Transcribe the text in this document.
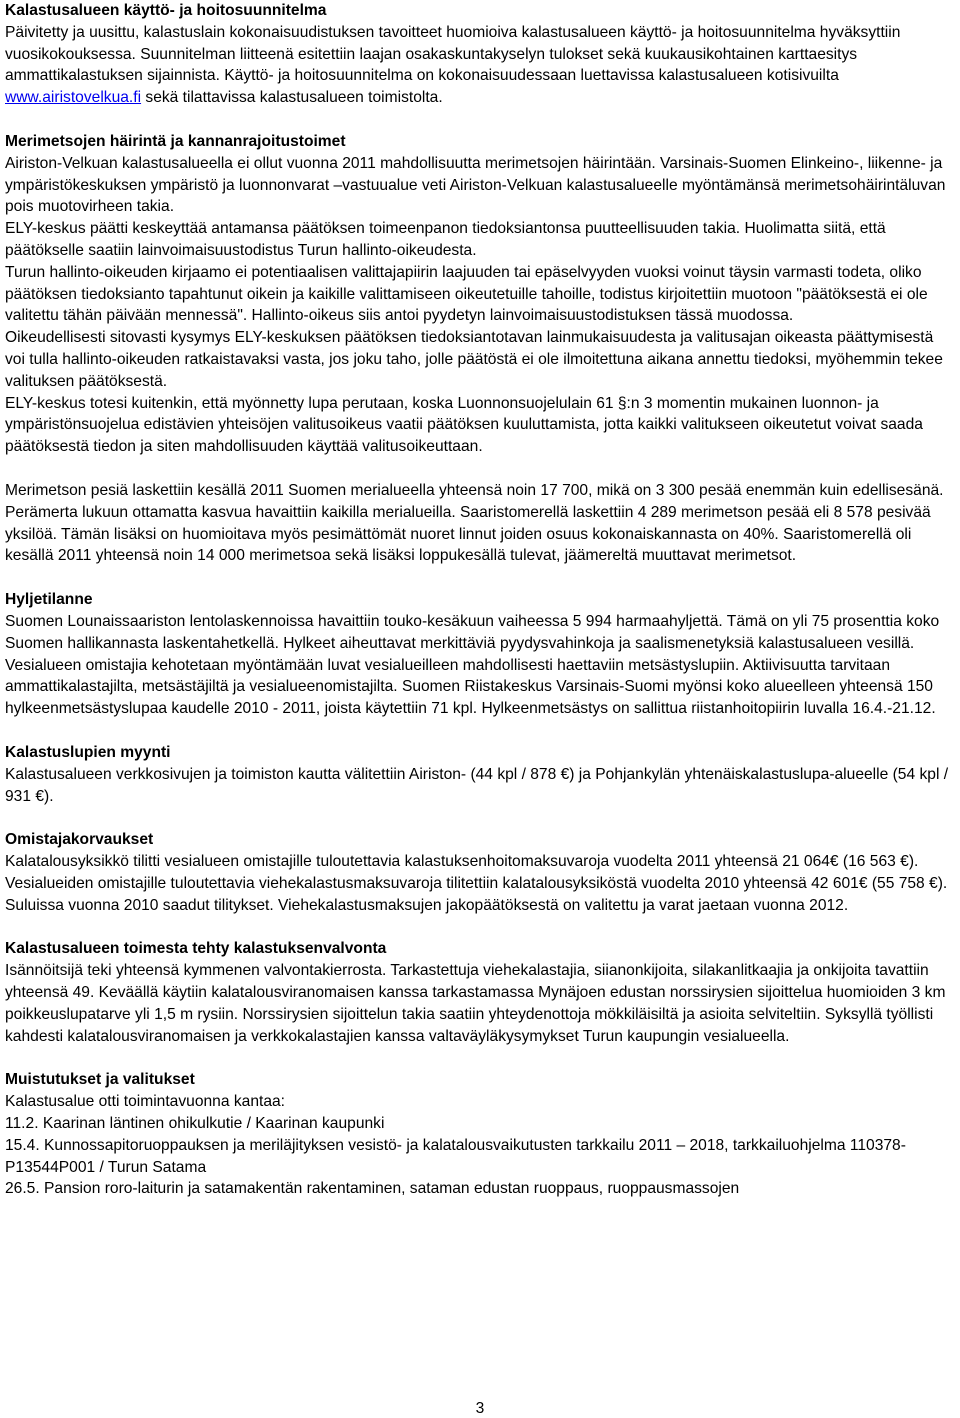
Kalastusalueen käyttö- ja hoitosuunnitelma

Päivitetty ja uusittu, kalastuslain kokonaisuudistuksen tavoitteet huomioiva kalastusalueen käyttö- ja hoitosuunnitelma hyväksyttiin vuosikokouksessa. Suunnitelman liitteenä esitettiin laajan osakaskuntakyselyn tulokset sekä kuukausikohtainen karttaesitys ammattikalastuksen sijainnista. Käyttö- ja hoitosuunnitelma on kokonaisuudessaan luettavissa kalastusalueen kotisivuilta www.airistovelkua.fi sekä tilattavissa kalastusalueen toimistolta.

Merimetsojen häirintä ja kannanrajoitustoimet

Airiston-Velkuan kalastusalueella ei ollut vuonna 2011 mahdollisuutta merimetsojen häirintään. Varsinais-Suomen Elinkeino-, liikenne- ja ympäristökeskuksen ympäristö ja luonnonvarat –vastuualue veti Airiston-Velkuan kalastusalueelle myöntämänsä merimetsohäirintäluvan pois muotovirheen takia.

ELY-keskus päätti keskeyttää antamansa päätöksen toimeenpanon tiedoksiantonsa puutteellisuuden takia. Huolimatta siitä, että päätökselle saatiin lainvoimaisuustodistus Turun hallinto-oikeudesta.

Turun hallinto-oikeuden kirjaamo ei potentiaalisen valittajapiirin laajuuden tai epäselvyyden vuoksi voinut täysin varmasti todeta, oliko päätöksen tiedoksianto tapahtunut oikein ja kaikille valittamiseen oikeutetuille tahoille, todistus kirjoitettiin muotoon "päätöksestä ei ole valitettu tähän päivään mennessä". Hallinto-oikeus siis antoi pyydetyn lainvoimaisuustodistuksen tässä muodossa.

Oikeudellisesti sitovasti kysymys ELY-keskuksen päätöksen tiedoksiantotavan lainmukaisuudesta ja valitusajan oikeasta päättymisestä voi tulla hallinto-oikeuden ratkaistavaksi vasta, jos joku taho, jolle päätöstä ei ole ilmoitettuna aikana annettu tiedoksi, myöhemmin tekee valituksen päätöksestä.

ELY-keskus totesi kuitenkin, että myönnetty lupa perutaan, koska Luonnonsuojelulain 61 §:n 3 momentin mukainen luonnon- ja ympäristönsuojelua edistävien yhteisöjen valitusoikeus vaatii päätöksen kuuluttamista, jotta kaikki valitukseen oikeutetut voivat saada päätöksestä tiedon ja siten mahdollisuuden käyttää valitusoikeuttaan.

Merimetson pesiä laskettiin kesällä 2011 Suomen merialueella yhteensä noin 17 700, mikä on 3 300 pesää enemmän kuin edellisesänä. Perämerta lukuun ottamatta kasvua havaittiin kaikilla merialueilla. Saaristomerellä laskettiin 4 289 merimetson pesää eli 8 578 pesivää yksilöä. Tämän lisäksi on huomioitava myös pesimättömät nuoret linnut joiden osuus kokonaiskannasta on 40%. Saaristomerellä oli kesällä 2011 yhteensä noin 14 000 merimetsoa sekä lisäksi loppukesällä tulevat, jäämereltä muuttavat merimetsot.

Hyljetilanne

Suomen Lounaissaariston lentolaskennoissa havaittiin touko-kesäkuun vaiheessa 5 994 harmaahyljettä. Tämä on yli 75 prosenttia koko Suomen hallikannasta laskentahetkellä. Hylkeet aiheuttavat merkittäviä pyydysvahinkoja ja saalismenetyksiä kalastusalueen vesillä. Vesialueen omistajia kehotetaan myöntämään luvat vesialueilleen mahdollisesti haettaviin metsästyslupiin. Aktiivisuutta tarvitaan ammattikalastajilta, metsästäjiltä ja vesialueenomistajilta. Suomen Riistakeskus Varsinais-Suomi myönsi koko alueelleen yhteensä 150 hylkeenmetsästyslupaa kaudelle 2010 - 2011, joista käytettiin 71 kpl. Hylkeenmetsästys on sallittua riistanhoitopiirin luvalla 16.4.-21.12.

Kalastuslupien myynti

Kalastusalueen verkkosivujen ja toimiston kautta välitettiin Airiston- (44 kpl / 878 €) ja Pohjankylän yhtenäiskalastuslupa-alueelle (54 kpl / 931 €).

Omistajakorvaukset

Kalatalousyksikkö tilitti vesialueen omistajille tuloutettavia kalastuksenhoitomaksuvaroja vuodelta 2011 yhteensä 21 064€ (16 563 €).

Vesialueiden omistajille tuloutettavia viehekalastusmaksuvaroja tilitettiin kalatalousyksiköstä vuodelta 2010 yhteensä 42 601€ (55 758 €). Suluissa vuonna 2010 saadut tilitykset. Viehekalastusmaksujen jakopäätöksestä on valitettu ja varat jaetaan vuonna 2012.

Kalastusalueen toimesta tehty kalastuksenvalvonta

Isännöitsijä teki yhteensä kymmenen valvontakierrosta. Tarkastettuja viehekalastajia, siianonkijoita, silakanlitkaajia ja onkijoita tavattiin yhteensä 49. Keväällä käytiin kalatalousviranomaisen kanssa tarkastamassa Mynäjoen edustan norssirysien sijoittelua huomioiden 3 km poikkeuslupatarve yli 1,5 m rysiin. Norssirysien sijoittelun takia saatiin yhteydenottoja mökkiläisiltä ja asioita selviteltiin. Syksyllä työllisti kahdesti kalatalousviranomaisen ja verkkokalastajien kanssa valtaväyläkysymykset Turun kaupungin vesialueella.

Muistutukset ja valitukset

Kalastusalue otti toimintavuonna kantaa:

11.2. Kaarinan läntinen ohikulkutie / Kaarinan kaupunki

15.4. Kunnossapitoruoppauksen ja meriläjityksen vesistö- ja kalatalousvaikutusten tarkkailu 2011 – 2018, tarkkailuohjelma 110378-P13544P001 / Turun Satama

26.5. Pansion roro-laiturin ja satamakentän rakentaminen, sataman edustan ruoppaus, ruoppausmassojen

3
